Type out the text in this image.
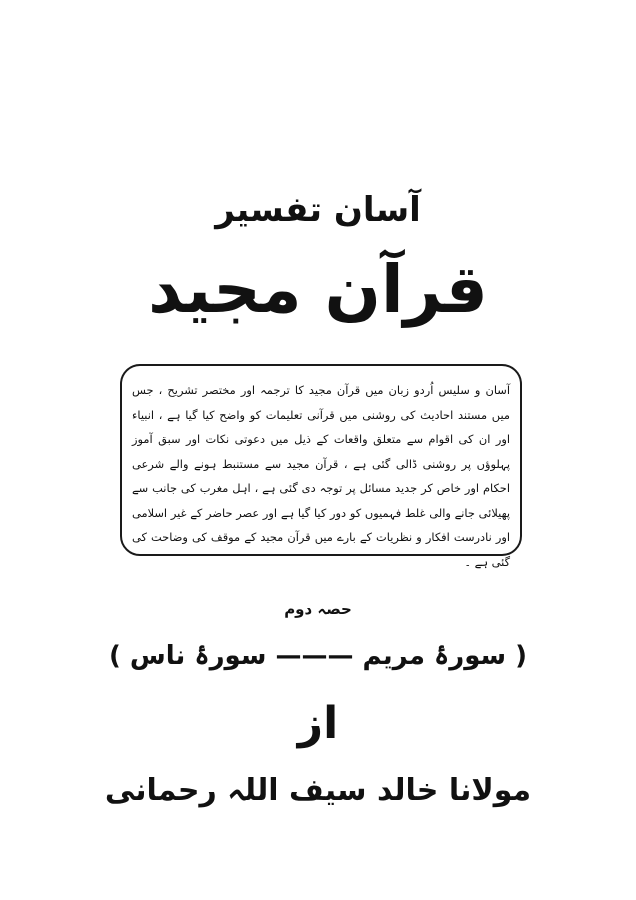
آسان تفسیر
قرآن مجید

آسان و سلیس اُردو زبان میں قرآن مجید کا ترجمہ اور مختصر تشریح ، جس میں مستند احادیث کی روشنی میں قرآنی تعلیمات کو واضح کیا گیا ہے ، انبیاء اور ان کی اقوام سے متعلق واقعات کے ذیل میں دعوتی نکات اور سبق آموز پہلوؤں پر روشنی ڈالی گئی ہے ، قرآن مجید سے مستنبط ہونے والے شرعی احکام اور خاص کر جدید مسائل پر توجہ دی گئی ہے ، اہل مغرب کی جانب سے پھیلائی جانے والی غلط فہمیوں کو دور کیا گیا ہے اور عصر حاضر کے غیر اسلامی اور نادرست افکار و نظریات کے بارے میں قرآن مجید کے موقف کی وضاحت کی گئی ہے ۔

حصہ دوم
( سورۂ مریم ——— سورۂ ناس )
از
مولانا خالد سیف اللہ رحمانی
